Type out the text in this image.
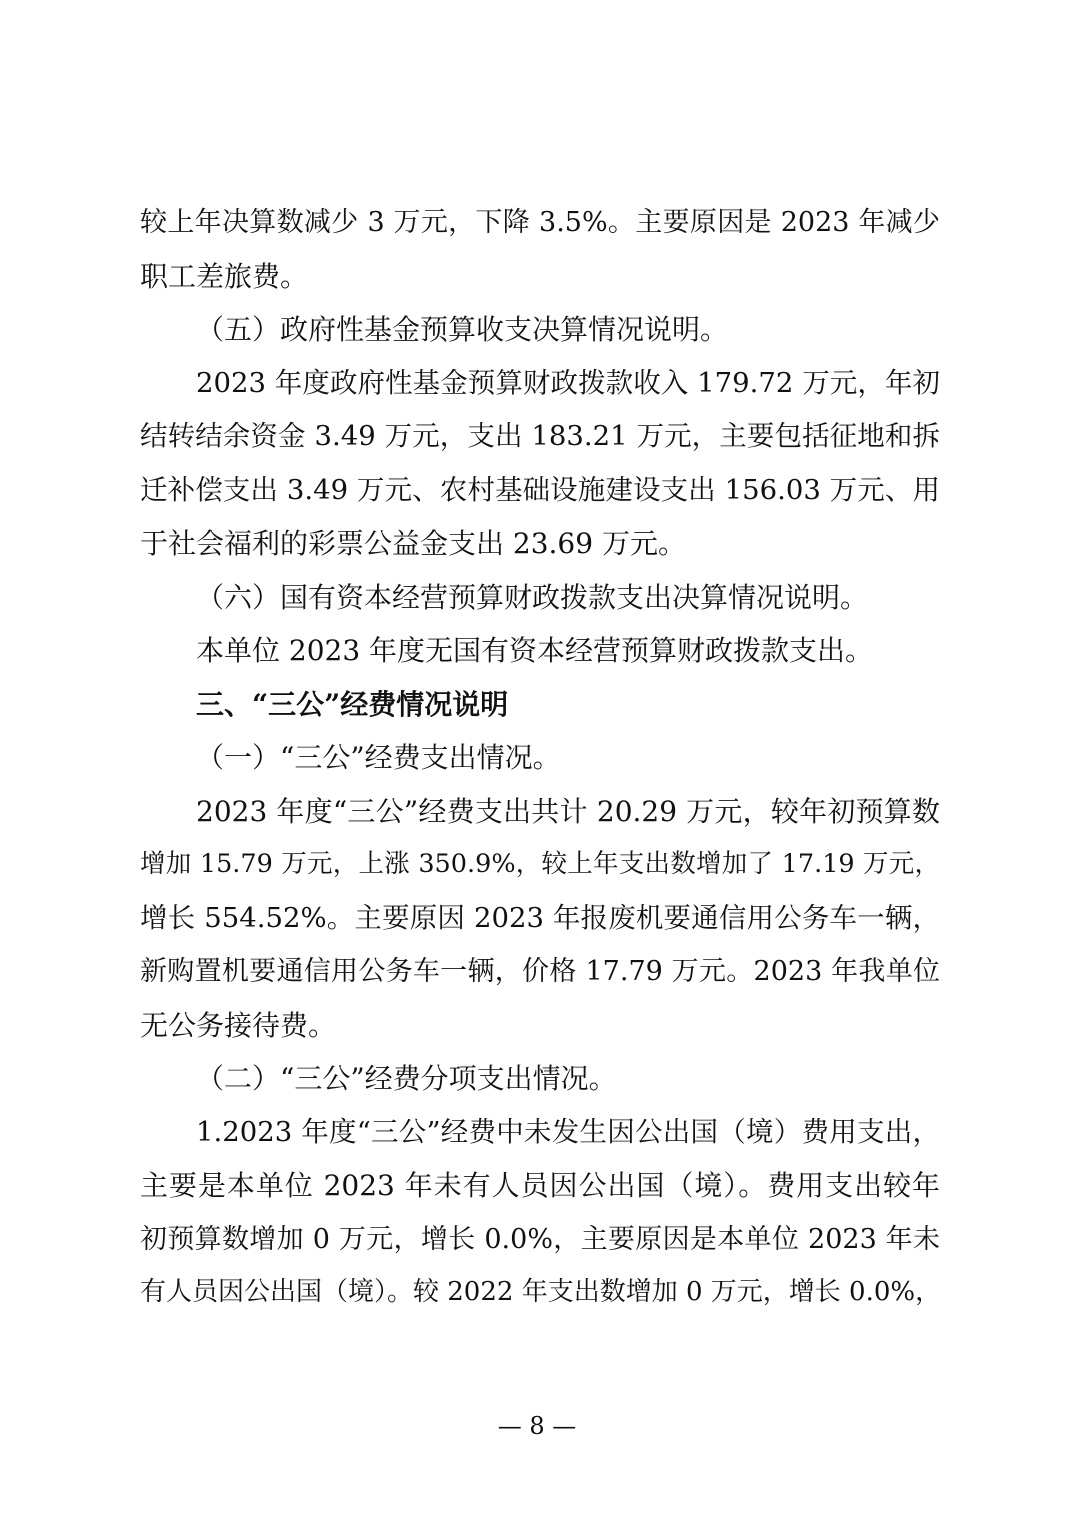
较上年决算数减少 3 万元，下降 3.5%。主要原因是 2023 年减少
职工差旅费。
（五）政府性基金预算收支决算情况说明。
2023 年度政府性基金预算财政拨款收入 179.72 万元，年初
结转结余资金 3.49 万元，支出 183.21 万元，主要包括征地和拆
迁补偿支出 3.49 万元、农村基础设施建设支出 156.03 万元、用
于社会福利的彩票公益金支出 23.69 万元。
（六）国有资本经营预算财政拨款支出决算情况说明。
本单位 2023 年度无国有资本经营预算财政拨款支出。
三、“三公”经费情况说明
（一）“三公”经费支出情况。
2023 年度“三公”经费支出共计 20.29 万元，较年初预算数
增加 15.79 万元，上涨 350.9%，较上年支出数增加了 17.19 万元，
增长 554.52%。主要原因 2023 年报废机要通信用公务车一辆，
新购置机要通信用公务车一辆，价格 17.79 万元。2023 年我单位
无公务接待费。
（二）“三公”经费分项支出情况。
1.2023 年度“三公”经费中未发生因公出国（境）费用支出，
主要是本单位 2023 年未有人员因公出国（境）。费用支出较年
初预算数增加 0 万元，增长 0.0%，主要原因是本单位 2023 年未
有人员因公出国（境）。较 2022 年支出数增加 0 万元，增长 0.0%，
— 8 —
